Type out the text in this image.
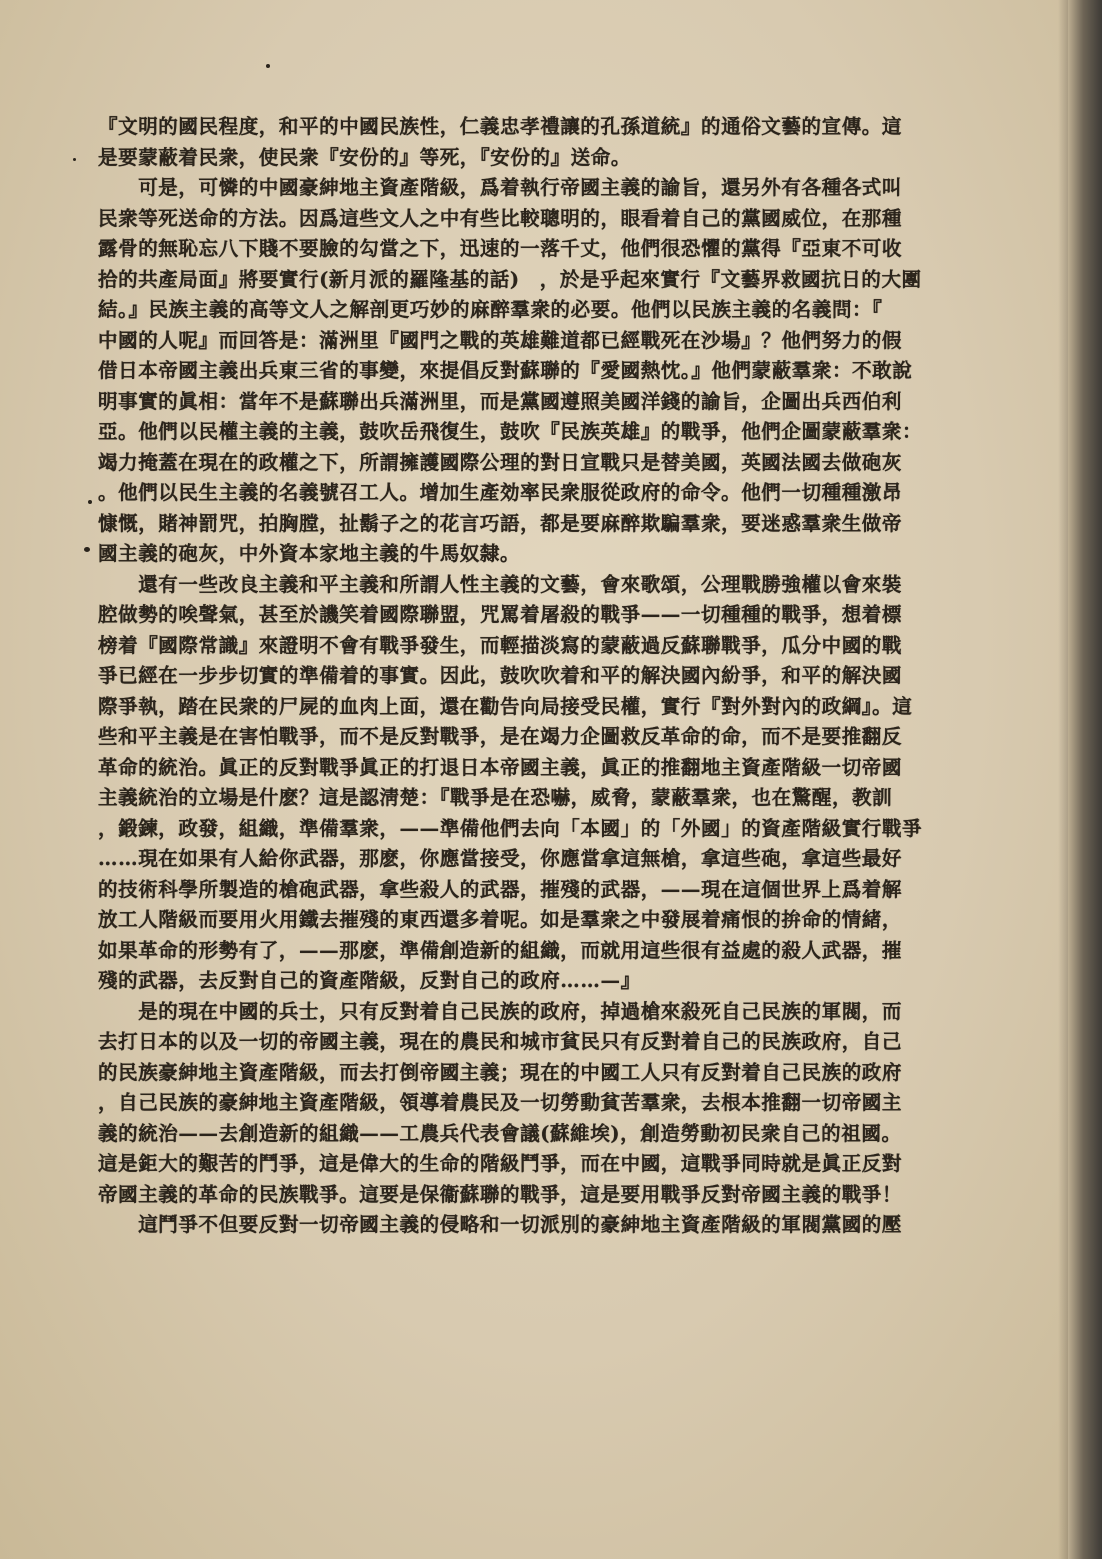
『文明的國民程度，和平的中國民族性，仁義忠孝禮讓的孔孫道統』的通俗文藝的宣傳。這
是要蒙蔽着民衆，使民衆『安份的』等死，『安份的』送命。
　　可是，可憐的中國豪紳地主資產階級，爲着執行帝國主義的諭旨，還另外有各種各式叫
民衆等死送命的方法。因爲這些文人之中有些比較聰明的，眼看着自己的黨國威位，在那種
露骨的無恥忘八下賤不要臉的勾當之下，迅速的一落千丈，他們很恐懼的黨得『亞東不可收
拾的共產局面』將要實行(新月派的羅隆基的話)　，於是乎起來實行『文藝界救國抗日的大團
結。』民族主義的高等文人之解剖更巧妙的麻醉羣衆的必要。他們以民族主義的名義問：『
中國的人呢』而回答是：滿洲里『國門之戰的英雄難道都已經戰死在沙場』？他們努力的假
借日本帝國主義出兵東三省的事變，來提倡反對蘇聯的『愛國熱忱。』他們蒙蔽羣衆：不敢說
明事實的眞相：當年不是蘇聯出兵滿洲里，而是黨國遵照美國洋錢的諭旨，企圖出兵西伯利
亞。他們以民權主義的主義，鼓吹岳飛復生，鼓吹『民族英雄』的戰爭，他們企圖蒙蔽羣衆：
竭力掩蓋在現在的政權之下，所謂擁護國際公理的對日宣戰只是替美國，英國法國去做砲灰
。他們以民生主義的名義號召工人。增加生產効率民衆服從政府的命令。他們一切種種激昂
慷慨，賭神罰咒，拍胸膛，扯鬍子之的花言巧語，都是要麻醉欺騙羣衆，要迷惑羣衆生做帝
國主義的砲灰，中外資本家地主義的牛馬奴隸。
　　還有一些改良主義和平主義和所謂人性主義的文藝，會來歌頌，公理戰勝強權以會來裝
腔做勢的唉聲氣，甚至於譏笑着國際聯盟，咒罵着屠殺的戰爭——一切種種的戰爭，想着標
榜着『國際常識』來證明不會有戰爭發生，而輕描淡寫的蒙蔽過反蘇聯戰爭，瓜分中國的戰
爭已經在一步步切實的準備着的事實。因此，鼓吹吹着和平的解決國內紛爭，和平的解決國
際爭執，踏在民衆的尸屍的血肉上面，還在勸告向局接受民權，實行『對外對內的政綱』。這
些和平主義是在害怕戰爭，而不是反對戰爭，是在竭力企圖救反革命的命，而不是要推翻反
革命的統治。眞正的反對戰爭眞正的打退日本帝國主義，眞正的推翻地主資產階級一切帝國
主義統治的立場是什麽？這是認淸楚：『戰爭是在恐嚇，威脅，蒙蔽羣衆，也在驚醒，教訓
，鍛鍊，政發，組織，準備羣衆，——準備他們去向「本國」的「外國」的資產階級實行戰爭
……現在如果有人給你武器，那麽，你應當接受，你應當拿這無槍，拿這些砲，拿這些最好
的技術科學所製造的槍砲武器，拿些殺人的武器，摧殘的武器，——現在這個世界上爲着解
放工人階級而要用火用鐵去摧殘的東西還多着呢。如是羣衆之中發展着痛恨的拚命的情緒，
如果革命的形勢有了，——那麽，準備創造新的組織，而就用這些很有益處的殺人武器，摧
殘的武器，去反對自己的資產階級，反對自己的政府……—』
　　是的現在中國的兵士，只有反對着自己民族的政府，掉過槍來殺死自己民族的軍閥，而
去打日本的以及一切的帝國主義，現在的農民和城市貧民只有反對着自己的民族政府，自己
的民族豪紳地主資產階級，而去打倒帝國主義；現在的中國工人只有反對着自己民族的政府
，自己民族的豪紳地主資產階級，領導着農民及一切勞動貧苦羣衆，去根本推翻一切帝國主
義的統治——去創造新的組織——工農兵代表會議(蘇維埃)，創造勞動初民衆自己的祖國。
這是鉅大的艱苦的鬥爭，這是偉大的生命的階級鬥爭，而在中國，這戰爭同時就是眞正反對
帝國主義的革命的民族戰爭。這要是保衞蘇聯的戰爭，這是要用戰爭反對帝國主義的戰爭！
　　這鬥爭不但要反對一切帝國主義的侵略和一切派別的豪紳地主資產階級的軍閥黨國的壓
